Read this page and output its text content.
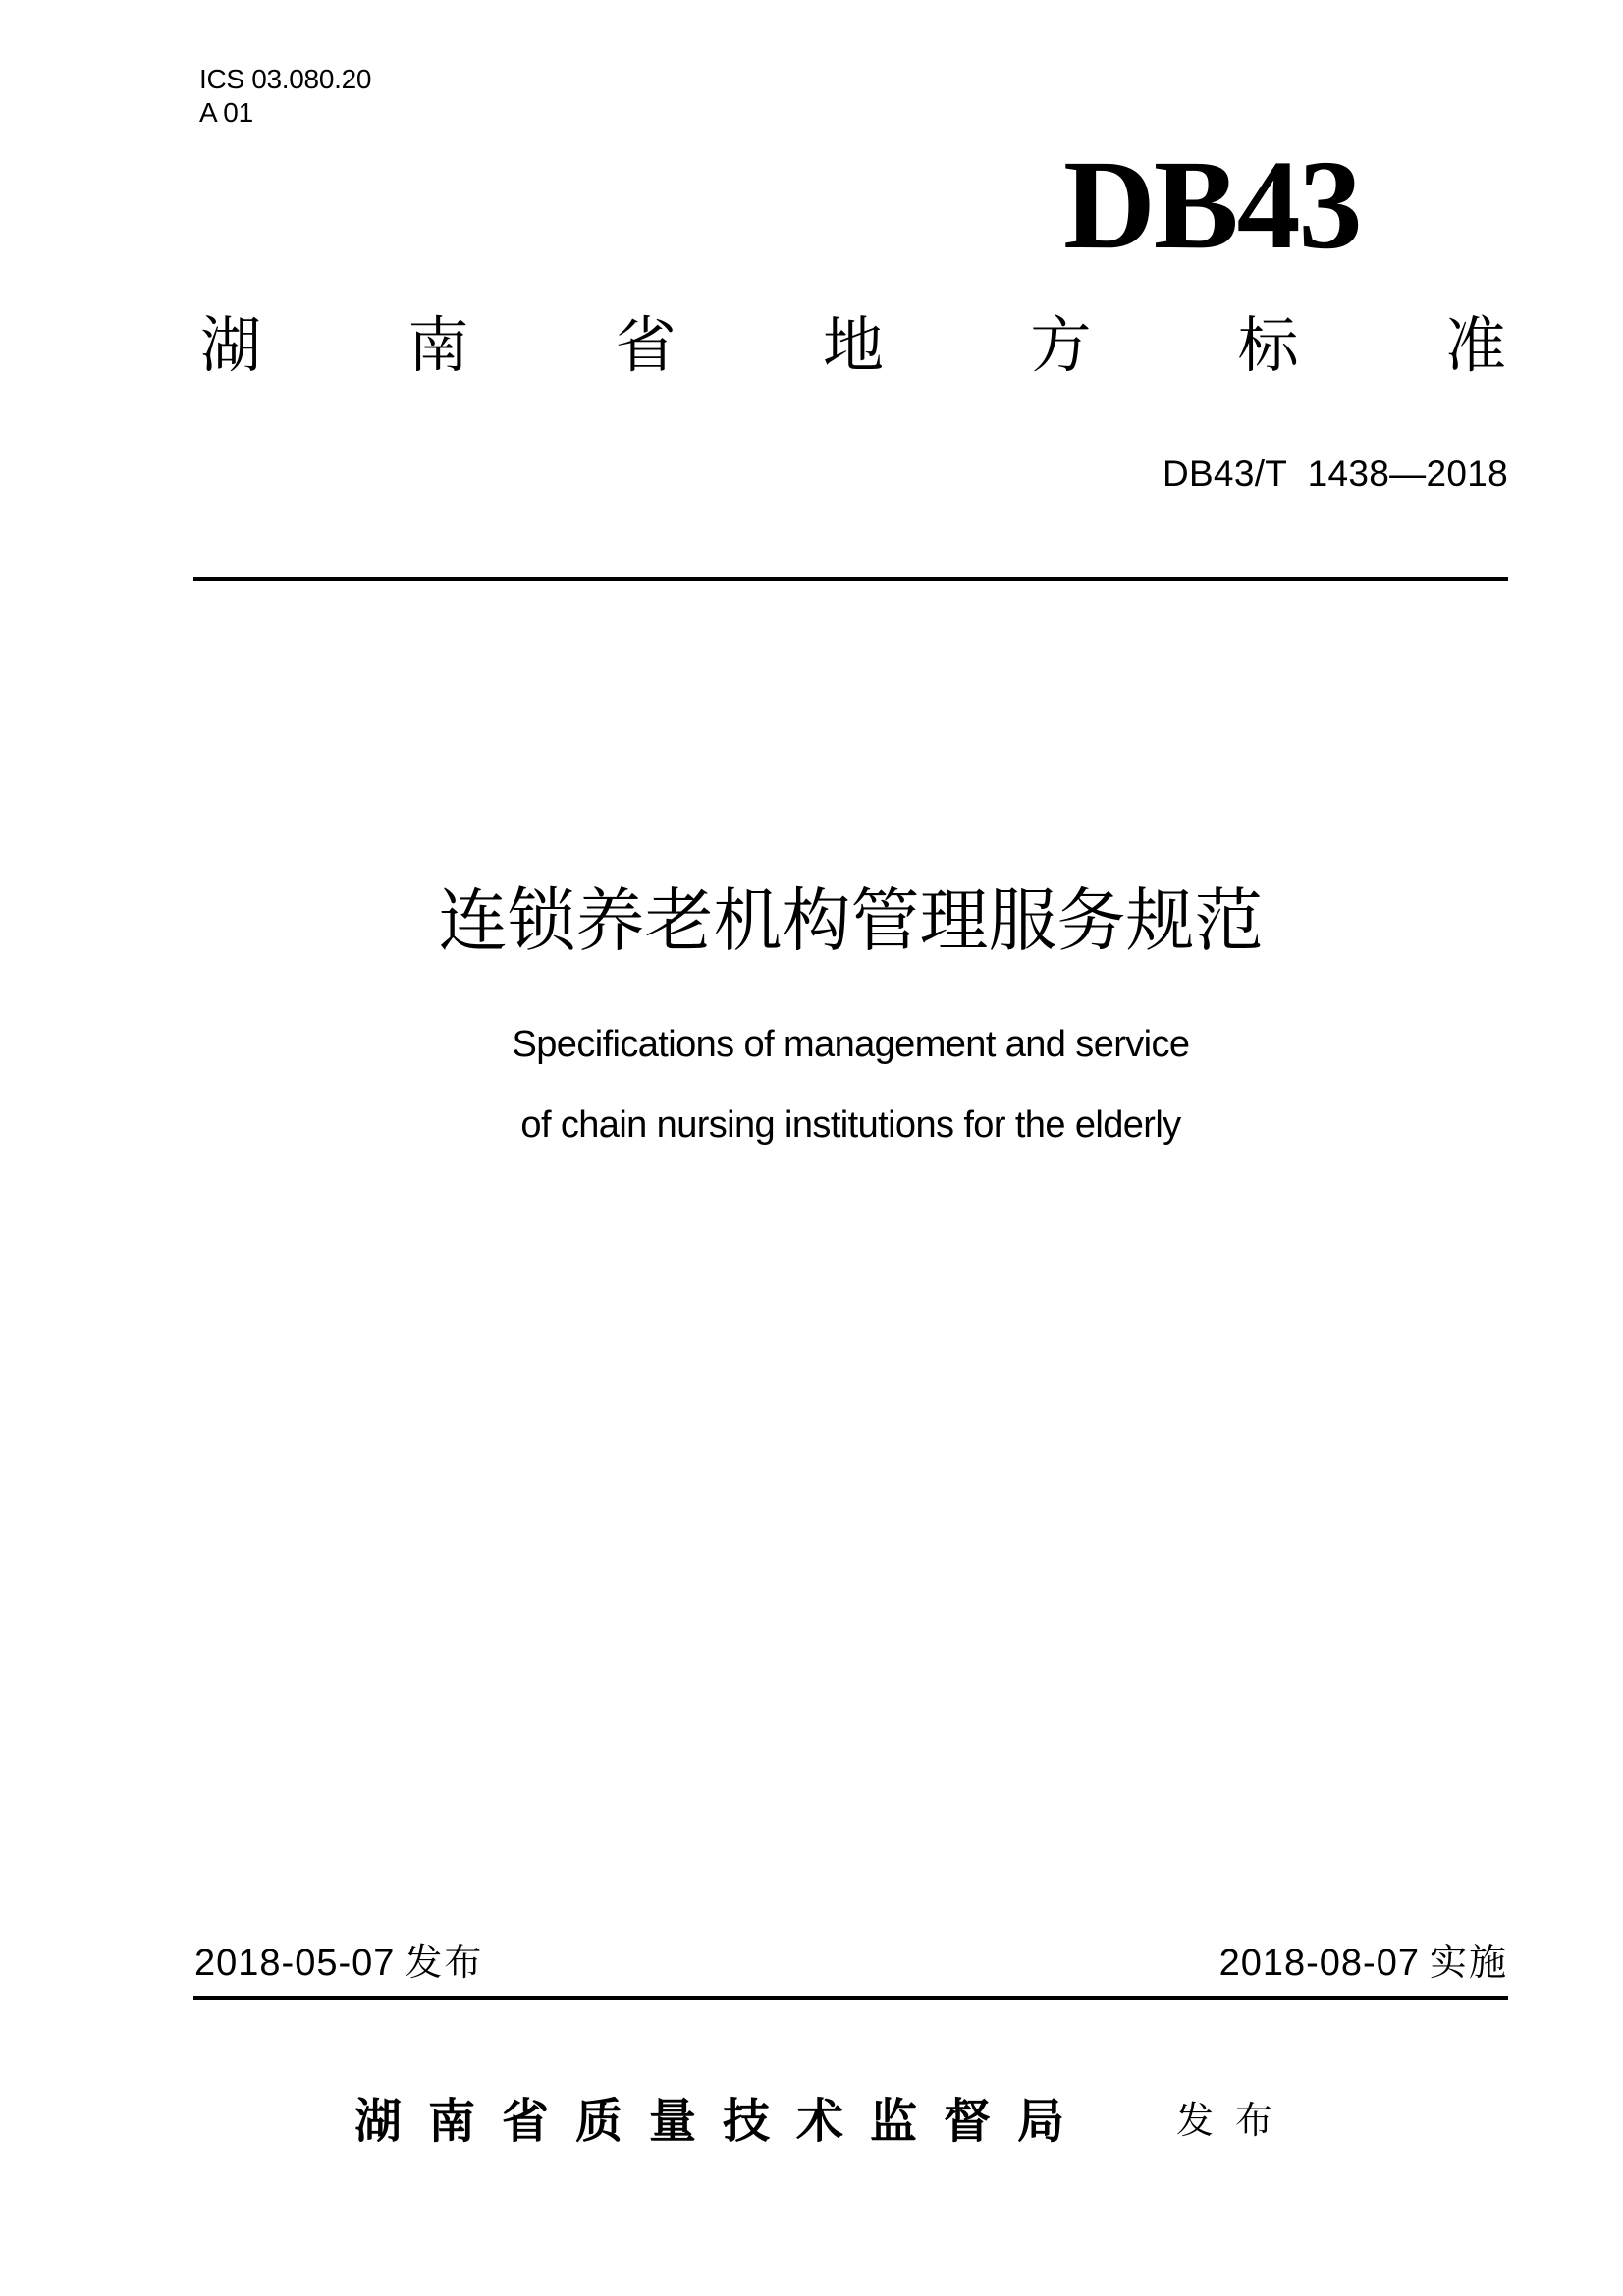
ICS 03.080.20
A 01
DB43
湖 南 省 地 方 标 准
DB43/T  1438—2018
连锁养老机构管理服务规范
Specifications of management and service
of chain nursing institutions for the elderly
2018-05-07 发布	2018-08-07 实施
湖南省质量技术监督局 发布
